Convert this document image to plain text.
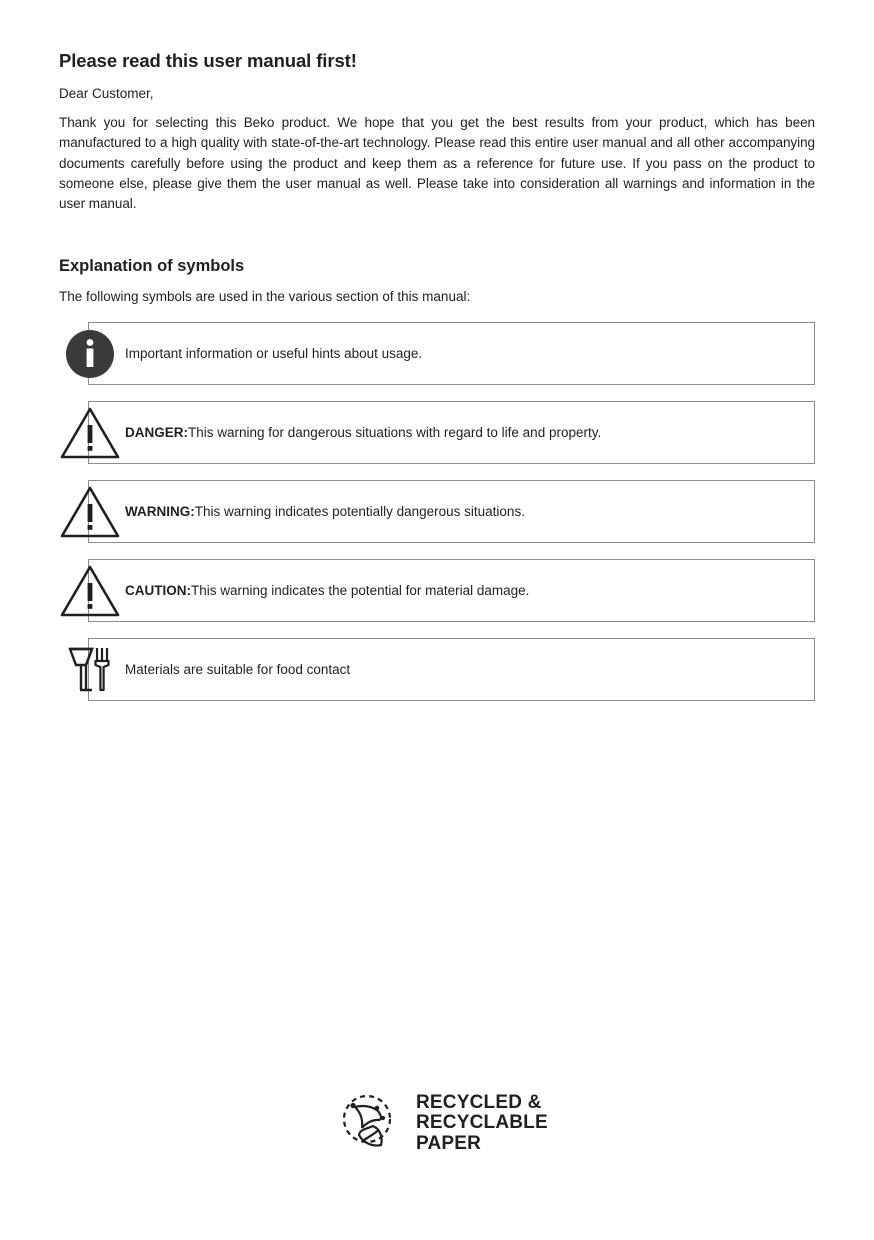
Please read this user manual first!

Dear Customer,

Thank you for selecting this Beko product. We hope that you get the best results from your product, which has been manufactured to a high quality with state-of-the-art technology. Please read this entire user manual and all other accompanying documents carefully before using the product and keep them as a reference for future use. If you pass on the product to someone else, please give them the user manual as well. Please take into consideration all warnings and information in the user manual.

Explanation of symbols

The following symbols are used in the various section of this manual:

Important information or useful hints about usage.
DANGER: This warning for dangerous situations with regard to life and property.
WARNING: This warning indicates potentially dangerous situations.
CAUTION: This warning indicates the potential for material damage.
Materials are suitable for food contact
RECYCLED &
RECYCLABLE
PAPER
